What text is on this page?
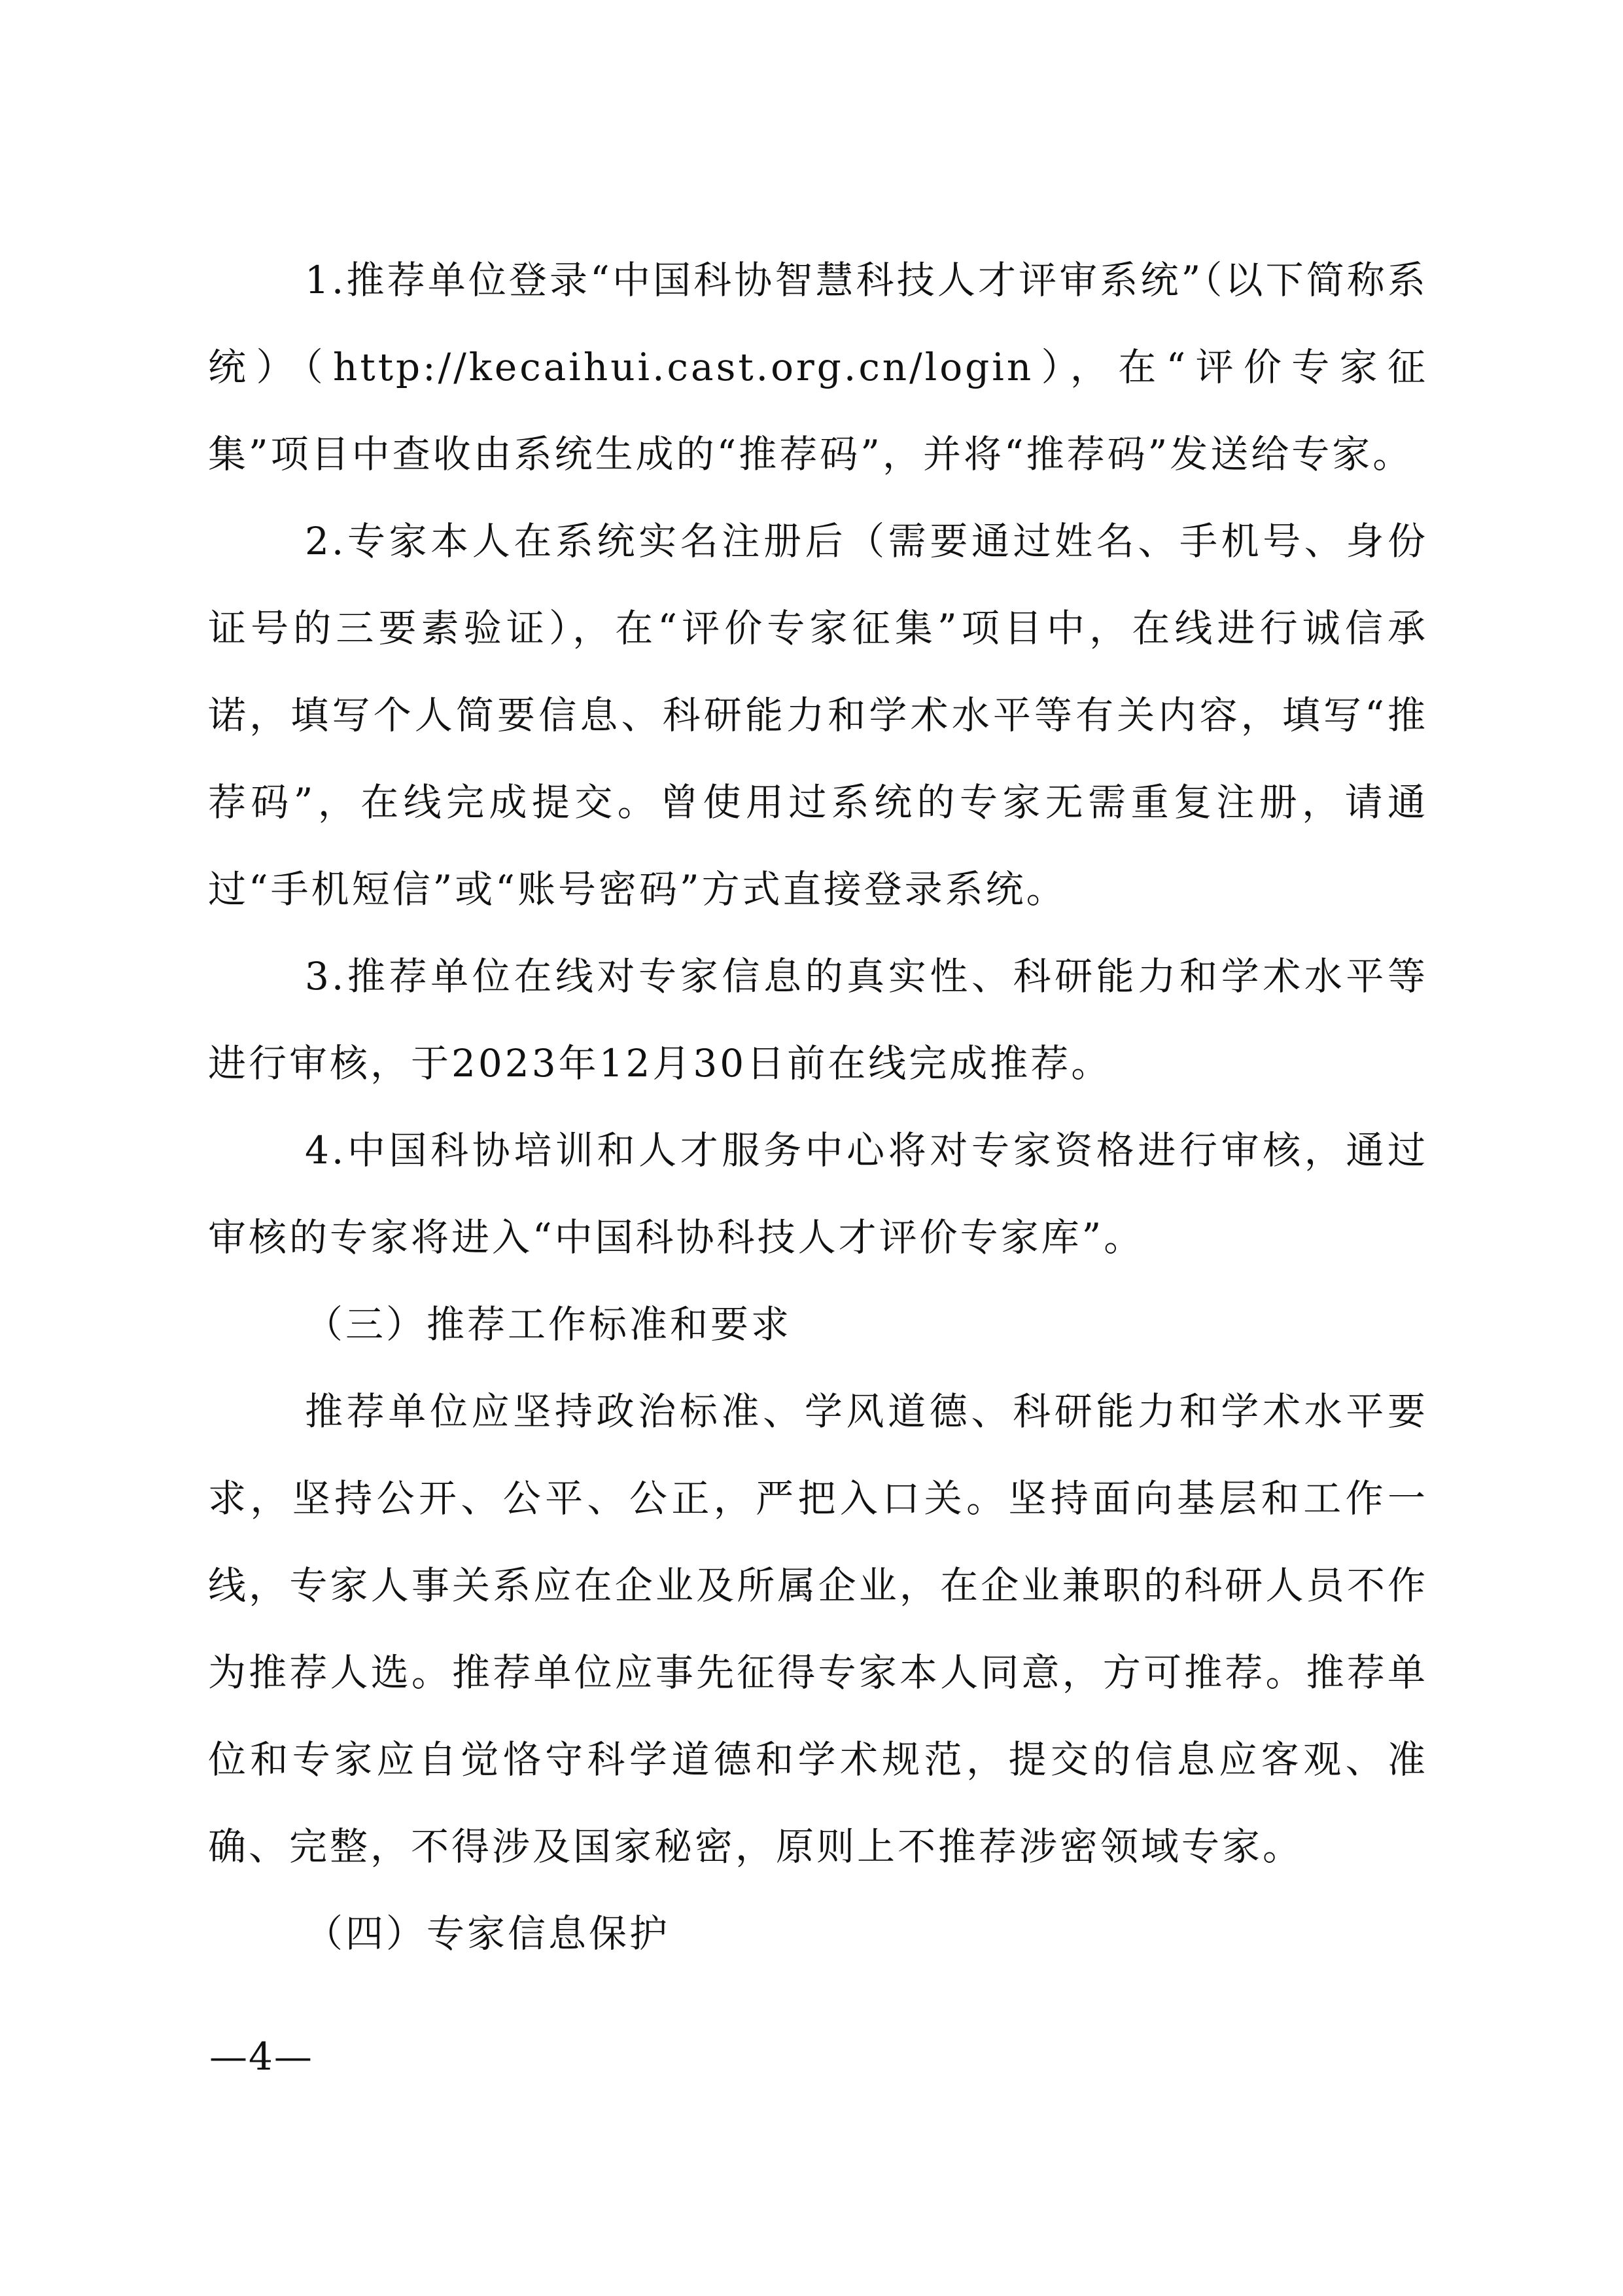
1.推荐单位登录“中国科协智慧科技人才评审系统”（以下简称系统）（http://kecaihui.cast.org.cn/login），在“评价专家征集”项目中查收由系统生成的“推荐码”，并将“推荐码”发送给专家。

2.专家本人在系统实名注册后（需要通过姓名、手机号、身份证号的三要素验证），在“评价专家征集”项目中，在线进行诚信承诺，填写个人简要信息、科研能力和学术水平等有关内容，填写“推荐码”，在线完成提交。曾使用过系统的专家无需重复注册，请通过“手机短信”或“账号密码”方式直接登录系统。

3.推荐单位在线对专家信息的真实性、科研能力和学术水平等进行审核，于2023年12月30日前在线完成推荐。

4.中国科协培训和人才服务中心将对专家资格进行审核，通过审核的专家将进入“中国科协科技人才评价专家库”。

（三）推荐工作标准和要求

推荐单位应坚持政治标准、学风道德、科研能力和学术水平要求，坚持公开、公平、公正，严把入口关。坚持面向基层和工作一线，专家人事关系应在企业及所属企业，在企业兼职的科研人员不作为推荐人选。推荐单位应事先征得专家本人同意，方可推荐。推荐单位和专家应自觉恪守科学道德和学术规范，提交的信息应客观、准确、完整，不得涉及国家秘密，原则上不推荐涉密领域专家。

（四）专家信息保护

—4—
